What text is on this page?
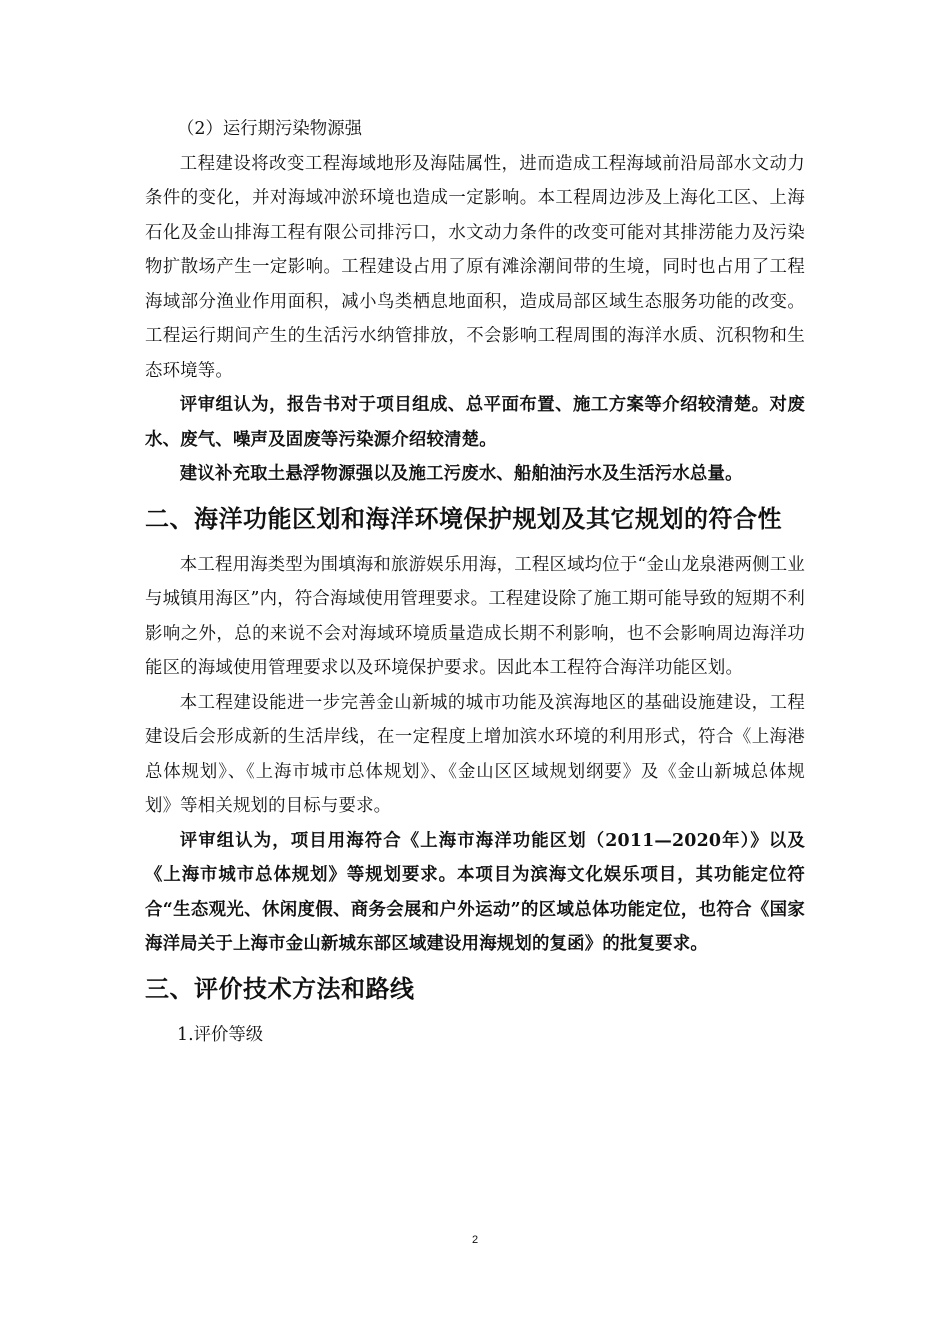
（2）运行期污染物源强

工程建设将改变工程海域地形及海陆属性，进而造成工程海域前沿局部水文动力条件的变化，并对海域冲淤环境也造成一定影响。本工程周边涉及上海化工区、上海石化及金山排海工程有限公司排污口，水文动力条件的改变可能对其排涝能力及污染物扩散场产生一定影响。工程建设占用了原有滩涂潮间带的生境，同时也占用了工程海域部分渔业作用面积，减小鸟类栖息地面积，造成局部区域生态服务功能的改变。工程运行期间产生的生活污水纳管排放，不会影响工程周围的海洋水质、沉积物和生态环境等。

评审组认为，报告书对于项目组成、总平面布置、施工方案等介绍较清楚。对废水、废气、噪声及固废等污染源介绍较清楚。

建议补充取土悬浮物源强以及施工污废水、船舶油污水及生活污水总量。

二、海洋功能区划和海洋环境保护规划及其它规划的符合性

本工程用海类型为围填海和旅游娱乐用海，工程区域均位于“金山龙泉港两侧工业与城镇用海区”内，符合海域使用管理要求。工程建设除了施工期可能导致的短期不利影响之外，总的来说不会对海域环境质量造成长期不利影响，也不会影响周边海洋功能区的海域使用管理要求以及环境保护要求。因此本工程符合海洋功能区划。

本工程建设能进一步完善金山新城的城市功能及滨海地区的基础设施建设，工程建设后会形成新的生活岸线，在一定程度上增加滨水环境的利用形式，符合《上海港总体规划》、《上海市城市总体规划》、《金山区区域规划纲要》及《金山新城总体规划》等相关规划的目标与要求。

评审组认为，项目用海符合《上海市海洋功能区划（2011—2020年）》以及《上海市城市总体规划》等规划要求。本项目为滨海文化娱乐项目，其功能定位符合“生态观光、休闲度假、商务会展和户外运动”的区域总体功能定位，也符合《国家海洋局关于上海市金山新城东部区域建设用海规划的复函》的批复要求。

三、评价技术方法和路线

1.评价等级

2
